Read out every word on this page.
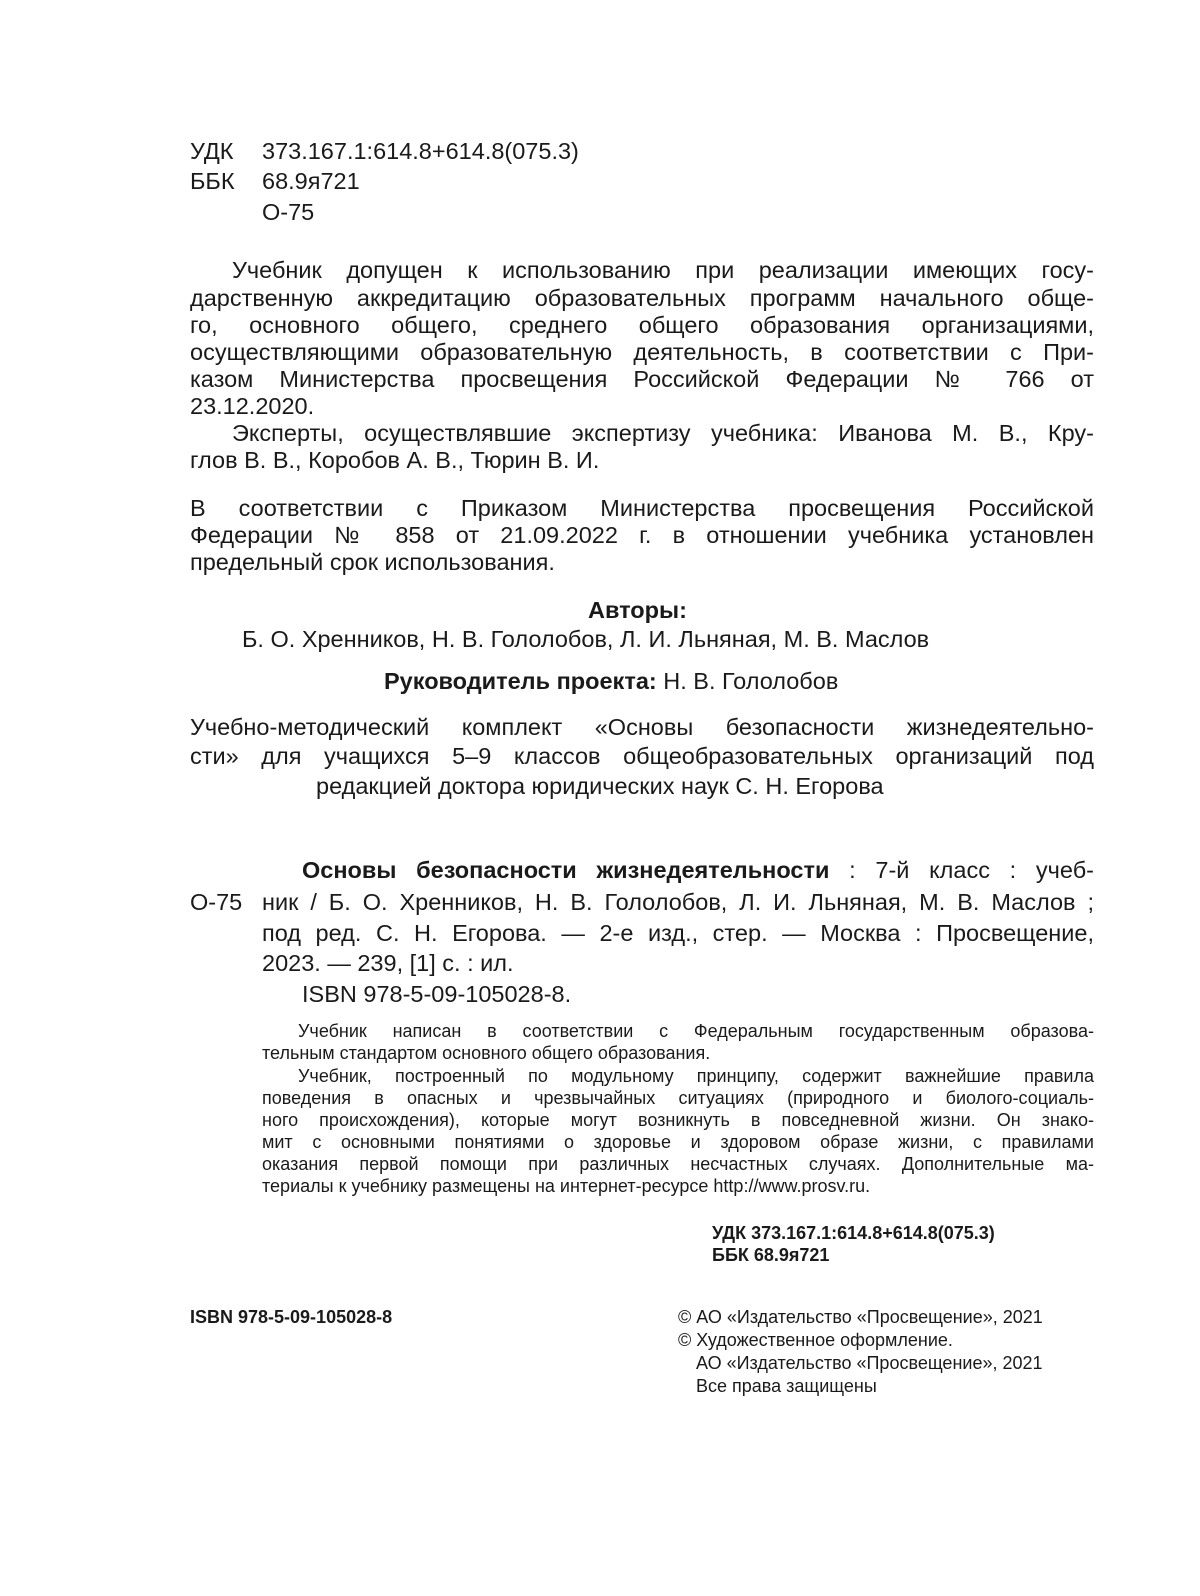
УДК 373.167.1:614.8+614.8(075.3)
ББК 68.9я721
О-75
Учебник допущен к использованию при реализации имеющих госу-
дарственную аккредитацию образовательных программ начального обще-
го, основного общего, среднего общего образования организациями,
осуществляющими образовательную деятельность, в соответствии с При-
казом Министерства просвещения Российской Федерации № 766 от
23.12.2020.
Эксперты, осуществлявшие экспертизу учебника: Иванова М. В., Кру-
глов В. В., Коробов А. В., Тюрин В. И.
В соответствии с Приказом Министерства просвещения Российской
Федерации № 858 от 21.09.2022 г. в отношении учебника установлен
предельный срок использования.
Авторы:
Б. О. Хренников, Н. В. Гололобов, Л. И. Льняная, М. В. Маслов
Руководитель проекта: Н. В. Гололобов
Учебно-методический комплект «Основы безопасности жизнедеятельно-
сти» для учащихся 5–9 классов общеобразовательных организаций под
редакцией доктора юридических наук С. Н. Егорова
Основы безопасности жизнедеятельности : 7-й класс : учеб-
О-75 ник / Б. О. Хренников, Н. В. Гололобов, Л. И. Льняная, М. В. Маслов ;
под ред. С. Н. Егорова. — 2-е изд., стер. — Москва : Просвещение,
2023. — 239, [1] с. : ил.
ISBN 978-5-09-105028-8.
Учебник написан в соответствии с Федеральным государственным образова-
тельным стандартом основного общего образования.
Учебник, построенный по модульному принципу, содержит важнейшие правила
поведения в опасных и чрезвычайных ситуациях (природного и биолого-социаль-
ного происхождения), которые могут возникнуть в повседневной жизни. Он знако-
мит с основными понятиями о здоровье и здоровом образе жизни, с правилами
оказания первой помощи при различных несчастных случаях. Дополнительные ма-
териалы к учебнику размещены на интернет-ресурсе http://www.prosv.ru.
УДК 373.167.1:614.8+614.8(075.3)
ББК 68.9я721
ISBN 978-5-09-105028-8	© АО «Издательство «Просвещение», 2021
© Художественное оформление.
АО «Издательство «Просвещение», 2021
Все права защищены
